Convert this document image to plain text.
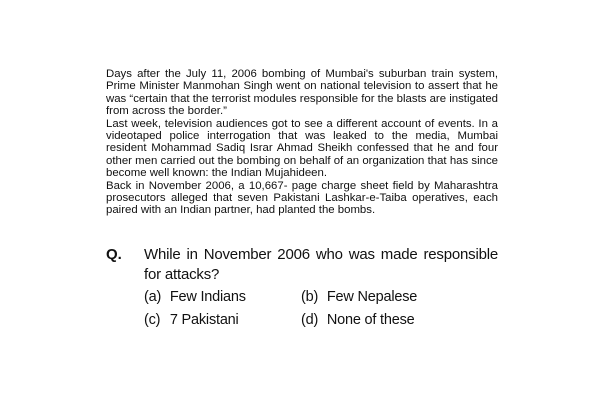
Days after the July 11, 2006 bombing of Mumbai's suburban train system, Prime Minister Manmohan Singh went on national television to assert that he was “certain that the terrorist modules responsible for the blasts are instigated from across the border.”

Last week, television audiences got to see a different account of events. In a videotaped police interrogation that was leaked to the media, Mumbai resident Mohammad Sadiq Israr Ahmad Sheikh confessed that he and four other men carried out the bombing on behalf of an organization that has since become well known: the Indian Mujahideen.

Back in November 2006, a 10,667- page charge sheet field by Maharashtra prosecutors alleged that seven Pakistani Lashkar-e-Taiba operatives, each paired with an Indian partner, had planted the bombs.

Q.	While in November 2006 who was made responsible for attacks?
(a) Few Indians	(b) Few Nepalese
(c) 7 Pakistani	(d) None of these
